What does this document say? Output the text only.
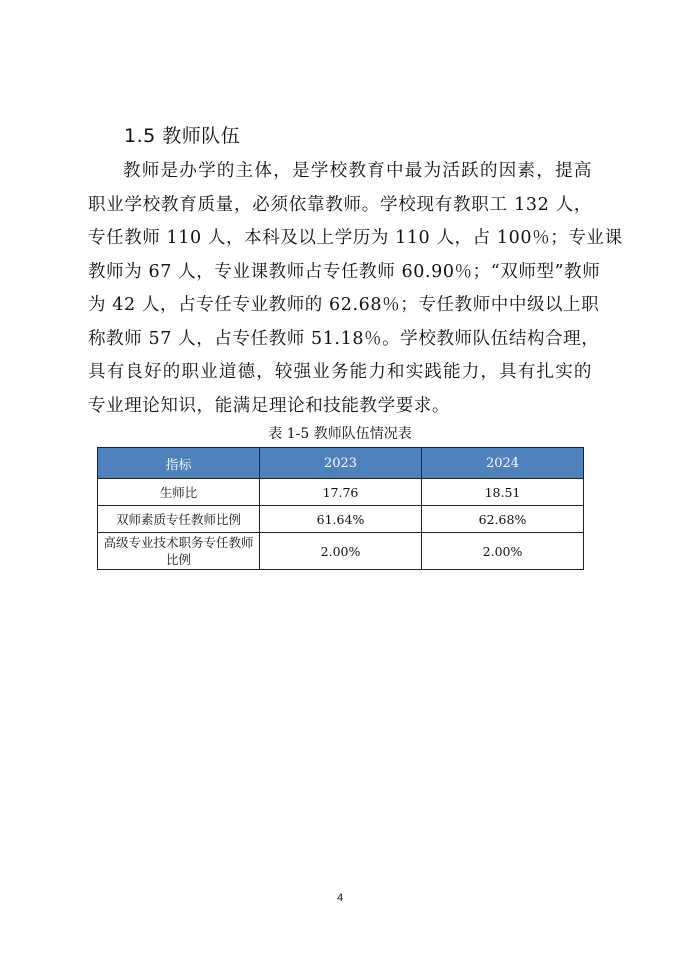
1.5 教师队伍
教师是办学的主体，是学校教育中最为活跃的因素，提高
职业学校教育质量，必须依靠教师。学校现有教职工 132 人，
专任教师 110 人，本科及以上学历为 110 人，占 100％；专业课
教师为 67 人，专业课教师占专任教师 60.90％；“双师型”教师
为 42 人，占专任专业教师的 62.68％；专任教师中中级以上职
称教师 57 人，占专任教师 51.18％。学校教师队伍结构合理，
具有良好的职业道德，较强业务能力和实践能力，具有扎实的
专业理论知识，能满足理论和技能教学要求。
表 1-5 教师队伍情况表
指标	2023	2024
生师比	17.76	18.51
双师素质专任教师比例	61.64%	62.68%
高级专业技术职务专任教师比例	2.00%	2.00%
4
